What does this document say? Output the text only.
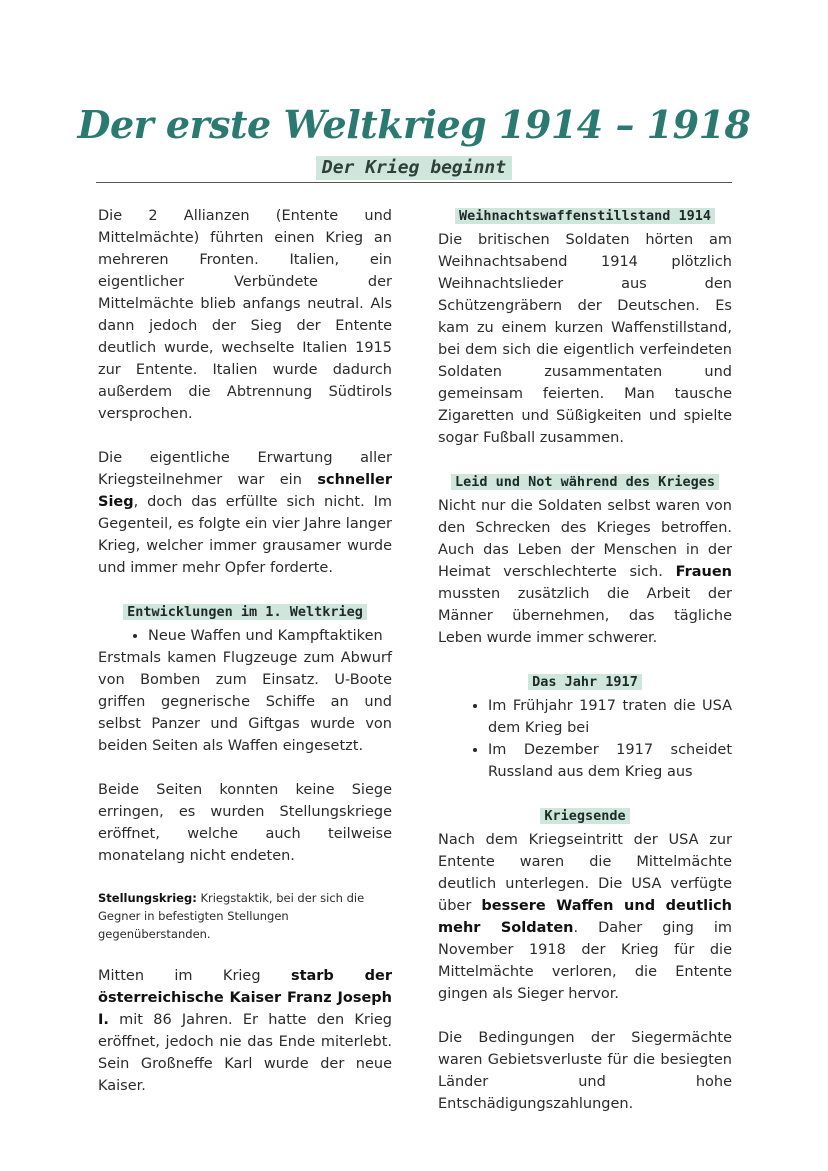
Der erste Weltkrieg 1914 – 1918
Der Krieg beginnt

Die 2 Allianzen (Entente und Mittelmächte) führten einen Krieg an mehreren Fronten. Italien, ein eigentlicher Verbündete der Mittelmächte blieb anfangs neutral. Als dann jedoch der Sieg der Entente deutlich wurde, wechselte Italien 1915 zur Entente. Italien wurde dadurch außerdem die Abtrennung Südtirols versprochen.

Die eigentliche Erwartung aller Kriegsteilnehmer war ein schneller Sieg, doch das erfüllte sich nicht. Im Gegenteil, es folgte ein vier Jahre langer Krieg, welcher immer grausamer wurde und immer mehr Opfer forderte.

Entwicklungen im 1. Weltkrieg
• Neue Waffen und Kampftaktiken

Erstmals kamen Flugzeuge zum Abwurf von Bomben zum Einsatz. U-Boote griffen gegnerische Schiffe an und selbst Panzer und Giftgas wurde von beiden Seiten als Waffen eingesetzt.

Beide Seiten konnten keine Siege erringen, es wurden Stellungskriege eröffnet, welche auch teilweise monatelang nicht endeten.

Stellungskrieg: Kriegstaktik, bei der sich die Gegner in befestigten Stellungen gegenüberstanden.

Mitten im Krieg starb der österreichische Kaiser Franz Joseph I. mit 86 Jahren. Er hatte den Krieg eröffnet, jedoch nie das Ende miterlebt. Sein Großneffe Karl wurde der neue Kaiser.

Weihnachtswaffenstillstand 1914

Die britischen Soldaten hörten am Weihnachtsabend 1914 plötzlich Weihnachtslieder aus den Schützengräbern der Deutschen. Es kam zu einem kurzen Waffenstillstand, bei dem sich die eigentlich verfeindeten Soldaten zusammentaten und gemeinsam feierten. Man tausche Zigaretten und Süßigkeiten und spielte sogar Fußball zusammen.

Leid und Not während des Krieges

Nicht nur die Soldaten selbst waren von den Schrecken des Krieges betroffen. Auch das Leben der Menschen in der Heimat verschlechterte sich. Frauen mussten zusätzlich die Arbeit der Männer übernehmen, das tägliche Leben wurde immer schwerer.

Das Jahr 1917
• Im Frühjahr 1917 traten die USA dem Krieg bei
• Im Dezember 1917 scheidet Russland aus dem Krieg aus
Kriegsende

Nach dem Kriegseintritt der USA zur Entente waren die Mittelmächte deutlich unterlegen. Die USA verfügte über bessere Waffen und deutlich mehr Soldaten. Daher ging im November 1918 der Krieg für die Mittelmächte verloren, die Entente gingen als Sieger hervor.

Die Bedingungen der Siegermächte waren Gebietsverluste für die besiegten Länder und hohe Entschädigungszahlungen.
